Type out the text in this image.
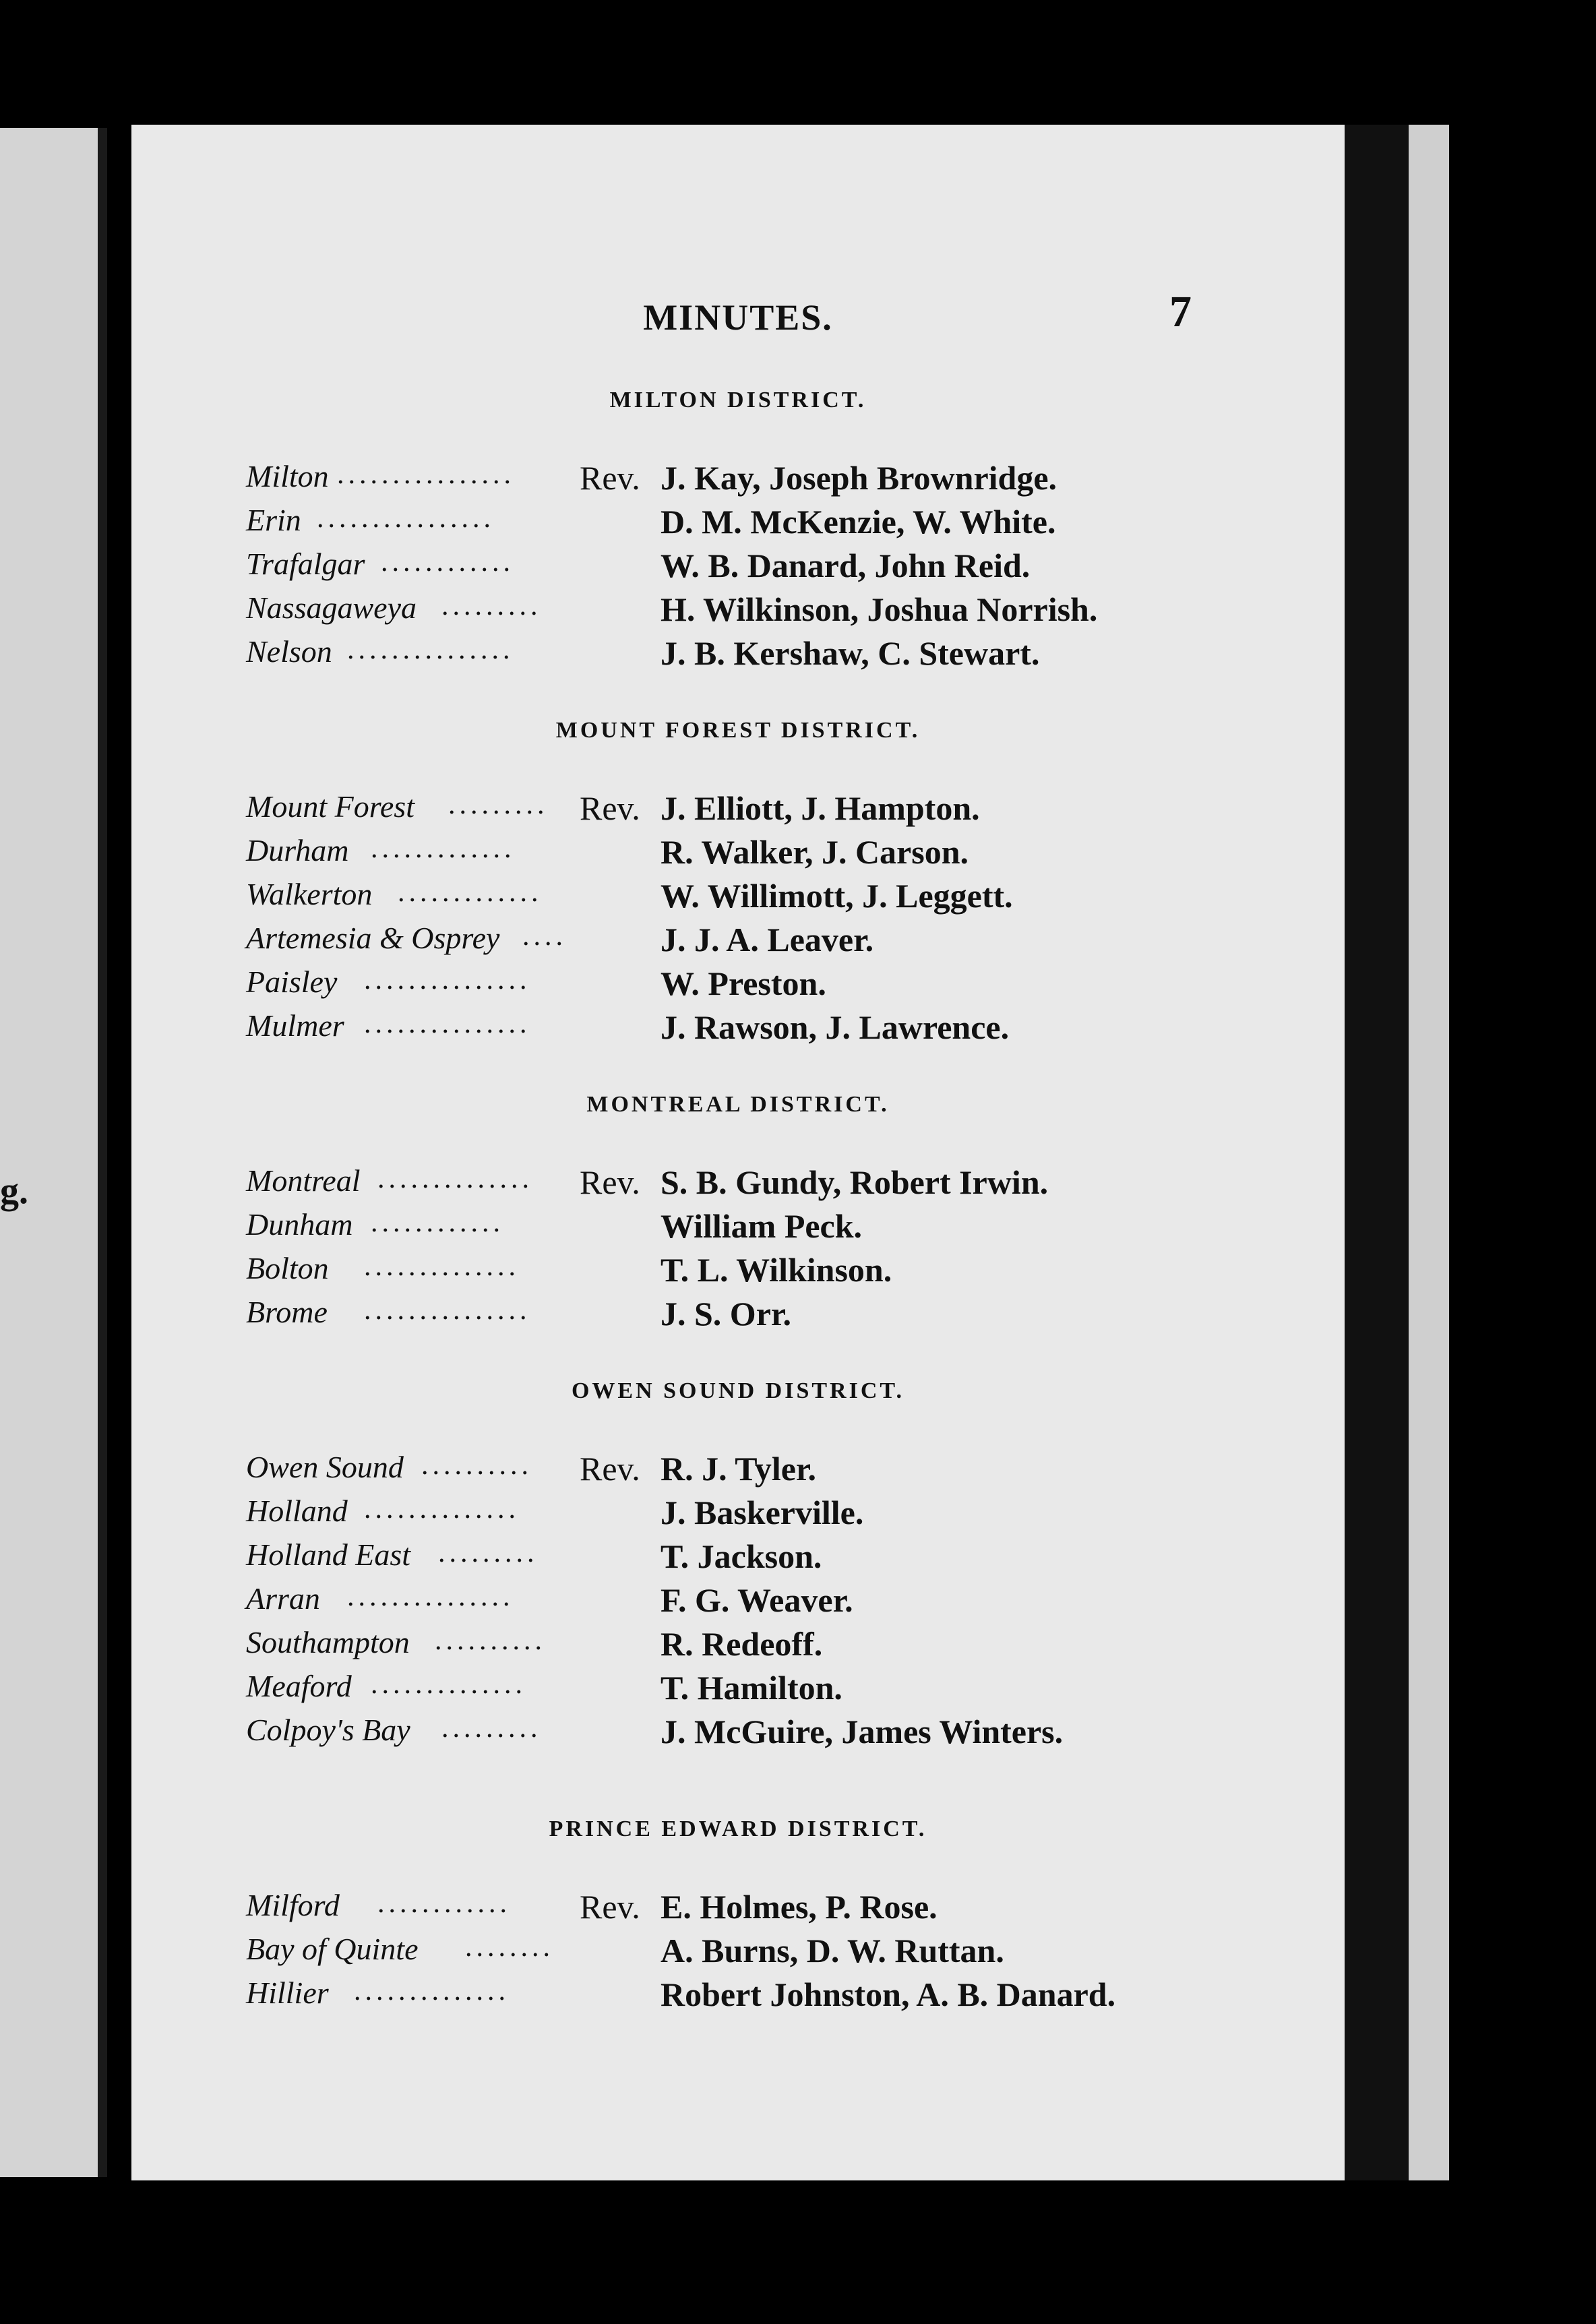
g.
MINUTES.	7
MILTON DISTRICT.
Milton ................ Rev. J. Kay, Joseph Brownridge.
Erin ................	D. M. McKenzie, W. White.
Trafalgar ............	W. B. Danard, John Reid.
Nassagaweya .........	H. Wilkinson, Joshua Norrish.
Nelson ...............	J. B. Kershaw, C. Stewart.
MOUNT FOREST DISTRICT.
Mount Forest ......... Rev. J. Elliott, J. Hampton.
Durham .............	R. Walker, J. Carson.
Walkerton .............	W. Willimott, J. Leggett.
Artemesia & Osprey ....	J. J. A. Leaver.
Paisley ...............	W. Preston.
Mulmer ...............	J. Rawson, J. Lawrence.
MONTREAL DISTRICT.
Montreal .............. Rev. S. B. Gundy, Robert Irwin.
Dunham ............	William Peck.
Bolton ..............	T. L. Wilkinson.
Brome ...............	J. S. Orr.
OWEN SOUND DISTRICT.
Owen Sound .......... Rev. R. J. Tyler.
Holland ..............	J. Baskerville.
Holland East .........	T. Jackson.
Arran ...............	F. G. Weaver.
Southampton ..........	R. Redeoff.
Meaford ..............	T. Hamilton.
Colpoy's Bay .........	J. McGuire, James Winters.
PRINCE EDWARD DISTRICT.
Milford ............ Rev. E. Holmes, P. Rose.
Bay of Quinte ........	A. Burns, D. W. Ruttan.
Hillier ..............	Robert Johnston, A. B. Danard.
